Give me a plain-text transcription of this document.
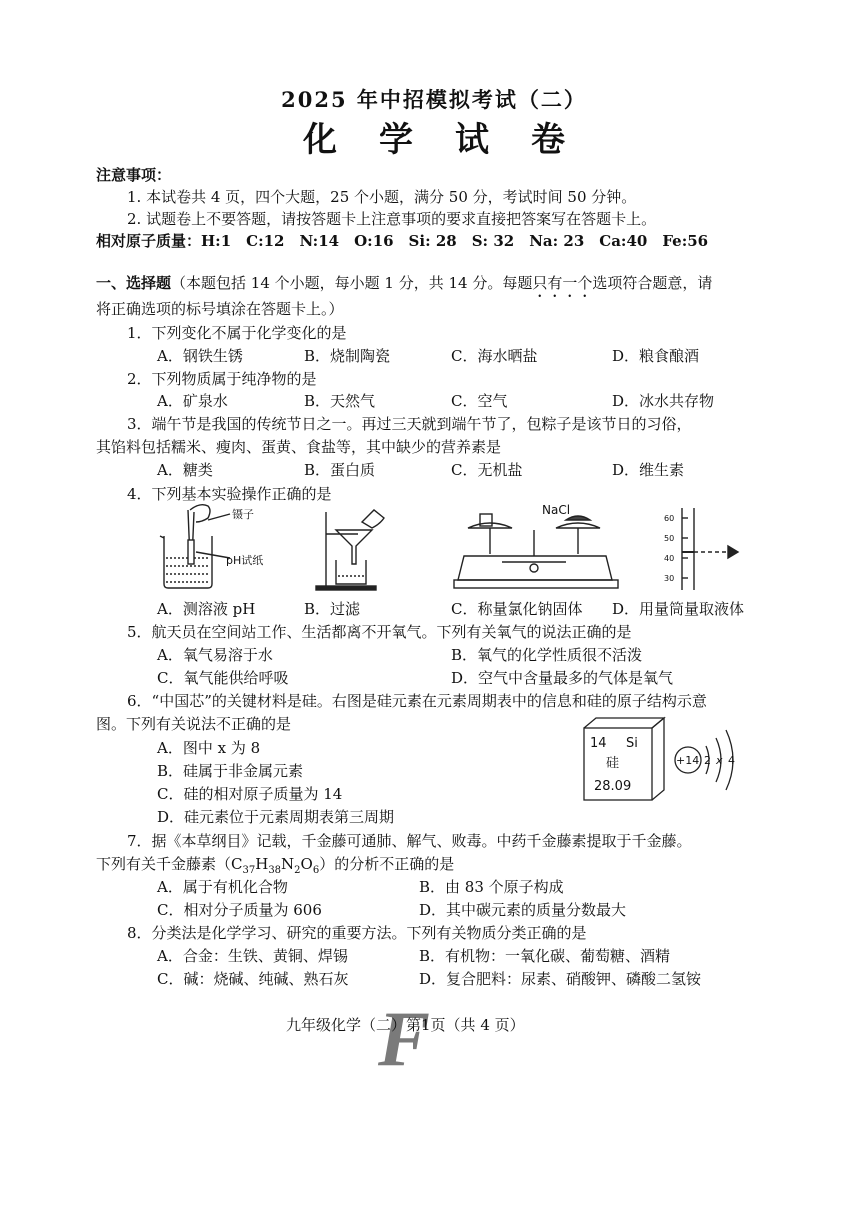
2025 年中招模拟考试（二）
化学试卷
注意事项：
1. 本试卷共 4 页，四个大题，25 个小题，满分 50 分，考试时间 50 分钟。
2. 试题卷上不要答题，请按答题卡上注意事项的要求直接把答案写在答题卡上。
相对原子质量：H:1　C:12　N:14　O:16　Si: 28　S: 32　Na: 23　Ca:40　Fe:56
一、选择题（本题包括 14 个小题，每小题 1 分，共 14 分。每题只有一个选项符合题意，请
将正确选项的标号填涂在答题卡上。）
1．下列变化不属于化学变化的是
A．钢铁生锈	B．烧制陶瓷	C．海水晒盐	D．粮食酿酒
2．下列物质属于纯净物的是
A．矿泉水	B．天然气	C．空气	D．冰水共存物
3．端午节是我国的传统节日之一。再过三天就到端午节了，包粽子是该节日的习俗，
其馅料包括糯米、瘦肉、蛋黄、食盐等，其中缺少的营养素是
A．糖类	B．蛋白质	C．无机盐	D．维生素
4．下列基本实验操作正确的是
镊子
pH试纸
NaCl
60
50
40
30
A．测溶液 pH	B．过滤	C．称量氯化钠固体 D．用量筒量取液体
5．航天员在空间站工作、生活都离不开氧气。下列有关氧气的说法正确的是
A．氧气易溶于水	B．氧气的化学性质很不活泼
C．氧气能供给呼吸	D．空气中含量最多的气体是氧气
6．“中国芯”的关键材料是硅。右图是硅元素在元素周期表中的信息和硅的原子结构示意
图。下列有关说法不正确的是
A．图中 x 为 8
B．硅属于非金属元素
C．硅的相对原子质量为 14
D．硅元素位于元素周期表第三周期
14 Si
硅
28.09
+14 2 x 4
7．据《本草纲目》记载，千金藤可通肺、解气、败毒。中药千金藤素提取于千金藤。
下列有关千金藤素$(C_{37}H_{38}N_2O_6)$的分析不正确的是
A．属于有机化合物	B．由 83 个原子构成
C．相对分子质量为 606	D．其中碳元素的质量分数最大
8．分类法是化学学习、研究的重要方法。下列有关物质分类正确的是
A．合金：生铁、黄铜、焊锡	B．有机物：一氧化碳、葡萄糖、酒精
C．碱：烧碱、纯碱、熟石灰	D．复合肥料：尿素、硝酸钾、磷酸二氢铵
F
九年级化学（二）第1页（共 4 页）
